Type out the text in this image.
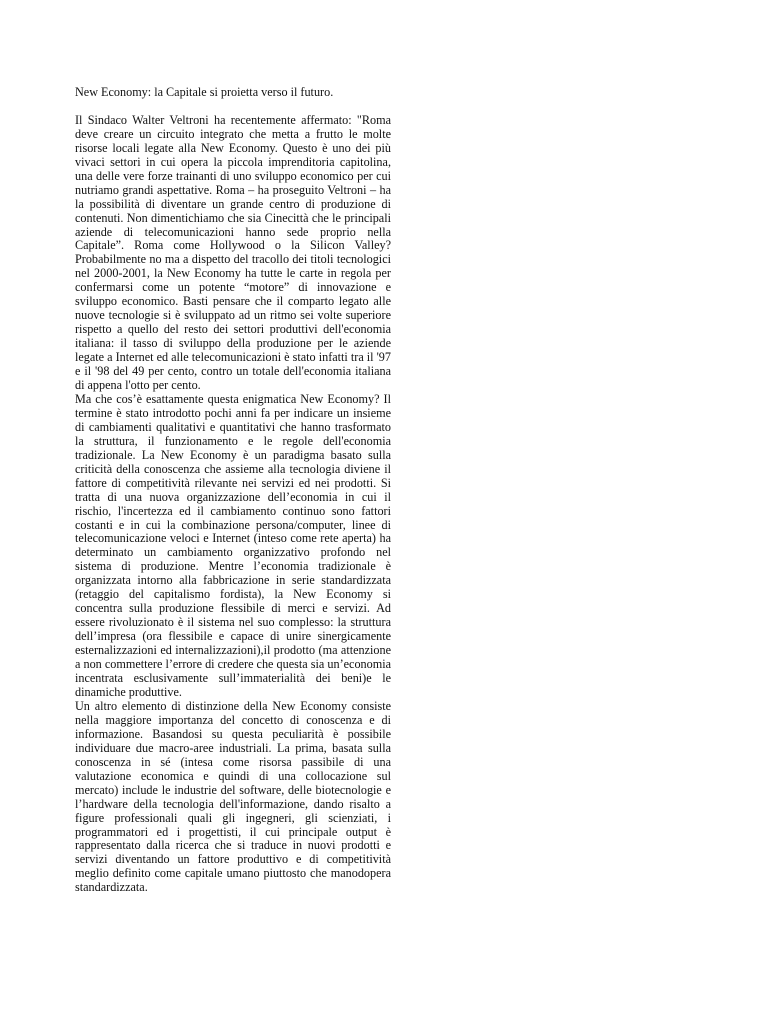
New Economy: la Capitale si proietta verso il futuro.

Il Sindaco Walter Veltroni ha recentemente affermato: "Roma deve creare un circuito integrato che metta a frutto le molte risorse locali legate alla New Economy. Questo è uno dei più vivaci settori in cui opera la piccola imprenditoria capitolina, una delle vere forze trainanti di uno sviluppo economico per cui nutriamo grandi aspettative. Roma – ha proseguito Veltroni – ha la possibilità di diventare un grande centro di produzione di contenuti. Non dimentichiamo che sia Cinecittà che le principali aziende di telecomunicazioni hanno sede proprio nella Capitale”. Roma come Hollywood o la Silicon Valley? Probabilmente no ma a dispetto del tracollo dei titoli tecnologici nel 2000-2001, la New Economy ha tutte le carte in regola per confermarsi come un potente “motore” di innovazione e sviluppo economico. Basti pensare che il comparto legato alle nuove tecnologie si è sviluppato ad un ritmo sei volte superiore rispetto a quello del resto dei settori produttivi dell'economia italiana: il tasso di sviluppo della produzione per le aziende legate a Internet ed alle telecomunicazioni è stato infatti tra il '97 e il '98 del 49 per cento, contro un totale dell'economia italiana di appena l'otto per cento.

Ma che cos’è esattamente questa enigmatica New Economy? Il termine è stato introdotto pochi anni fa per indicare un insieme di cambiamenti qualitativi e quantitativi che hanno trasformato la struttura, il funzionamento e le regole dell'economia tradizionale. La New Economy è un paradigma basato sulla criticità della conoscenza che assieme alla tecnologia diviene il fattore di competitività rilevante nei servizi ed nei prodotti. Si tratta di una nuova organizzazione dell’economia in cui il rischio, l'incertezza ed il cambiamento continuo sono fattori costanti e in cui la combinazione persona/computer, linee di telecomunicazione veloci e Internet (inteso come rete aperta) ha determinato un cambiamento organizzativo profondo nel sistema di produzione. Mentre l’economia tradizionale è organizzata intorno alla fabbricazione in serie standardizzata (retaggio del capitalismo fordista), la New Economy si concentra sulla produzione flessibile di merci e servizi. Ad essere rivoluzionato è il sistema nel suo complesso: la struttura dell’impresa (ora flessibile e capace di unire sinergicamente esternalizzazioni ed internalizzazioni),il prodotto (ma attenzione a non commettere l’errore di credere che questa sia un’economia incentrata esclusivamente sull’immaterialità dei beni)e le dinamiche produttive.

Un altro elemento di distinzione della New Economy consiste nella maggiore importanza del concetto di conoscenza e di informazione. Basandosi su questa peculiarità è possibile individuare due macro-aree industriali. La prima, basata sulla conoscenza in sé (intesa come risorsa passibile di una valutazione economica e quindi di una collocazione sul mercato) include le industrie del software, delle biotecnologie e l’hardware della tecnologia dell'informazione, dando risalto a figure professionali quali gli ingegneri, gli scienziati, i programmatori ed i progettisti, il cui principale output è rappresentato dalla ricerca che si traduce in nuovi prodotti e servizi diventando un fattore produttivo e di competitività meglio definito come capitale umano piuttosto che manodopera standardizzata.
